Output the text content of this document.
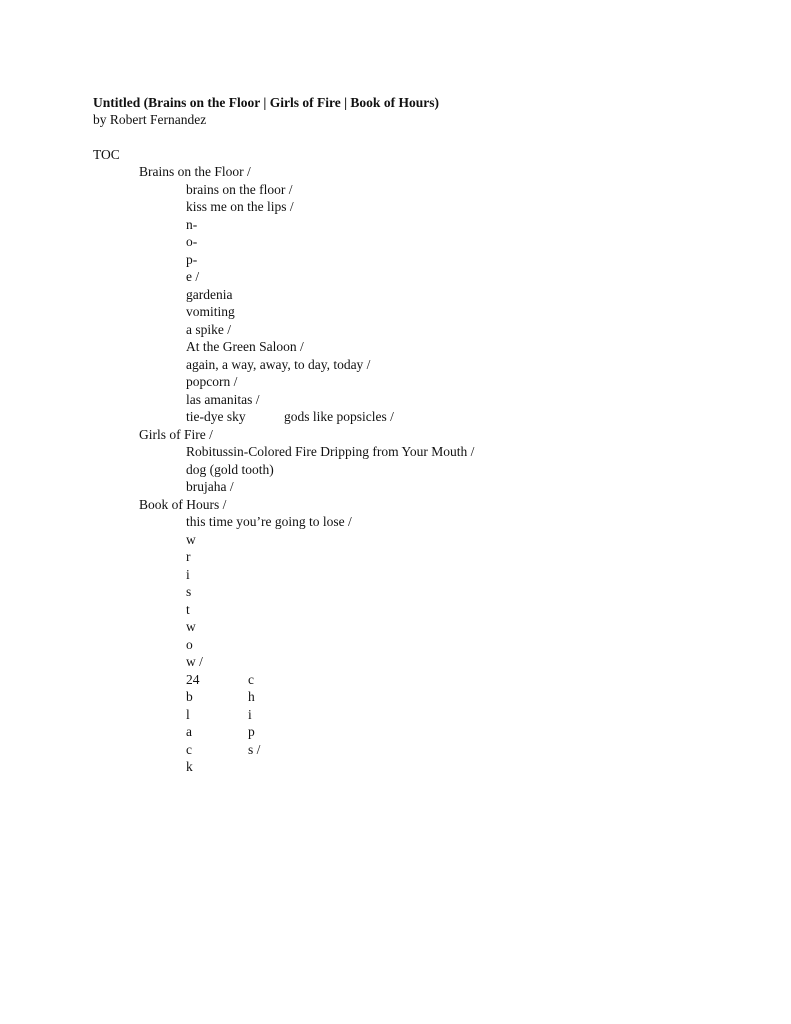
Untitled (Brains on the Floor | Girls of Fire | Book of Hours)
by Robert Fernandez
TOC
Brains on the Floor /
brains on the floor /
kiss me on the lips /
n-
o-
p-
e /
gardenia
vomiting
a spike /
At the Green Saloon /
again, a way, away, to day, today /
popcorn /
las amanitas /
tie-dye sky	gods like popsicles /
Girls of Fire /
Robitussin-Colored Fire Dripping from Your Mouth /
dog (gold tooth)
brujaha /
Book of Hours /
this time you’re going to lose /
w
r
i
s
t
w
o
w /
24
b
l
a
c
k
c
h
i
p
s /
